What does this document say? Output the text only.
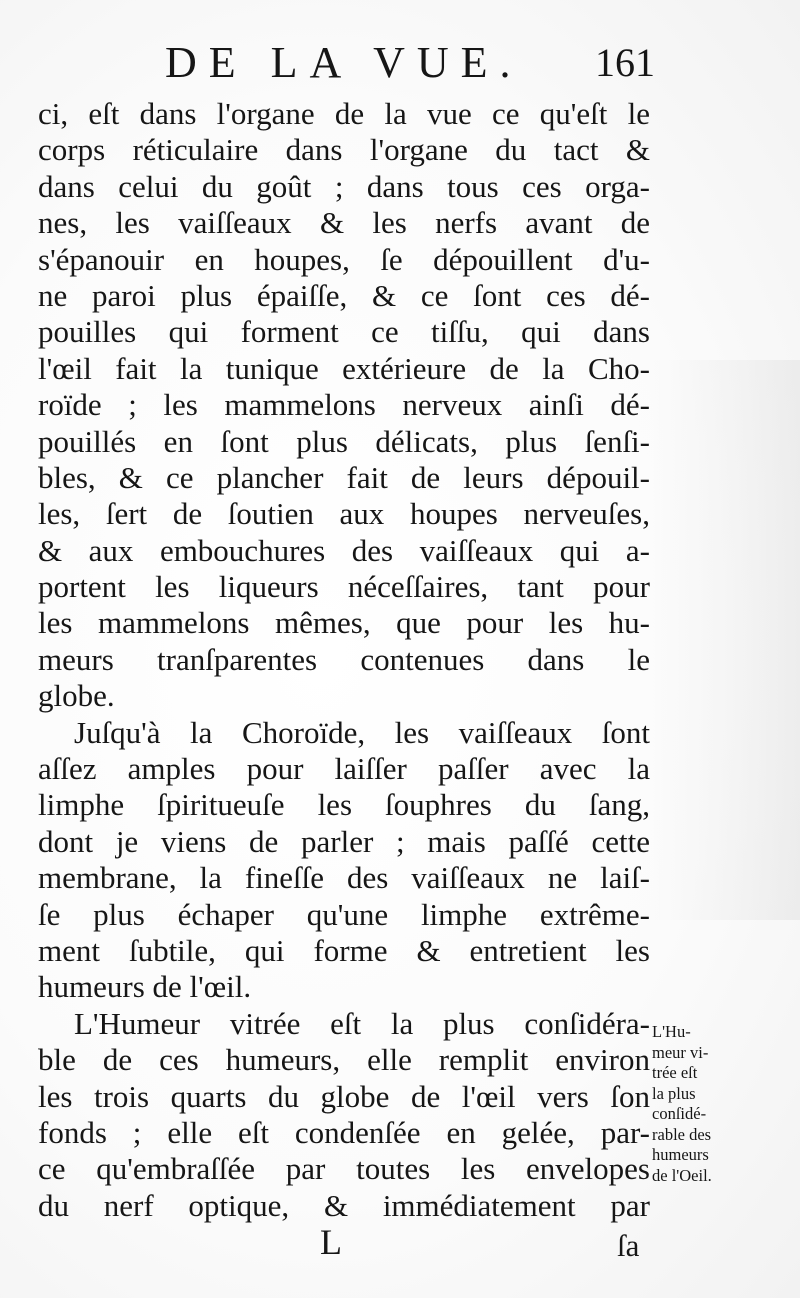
DE LA VUE. 161
ci, eſt dans l'organe de la vue ce qu'eſt le
corps réticulaire dans l'organe du tact &
dans celui du goût ; dans tous ces orga-
nes, les vaiſſeaux & les nerfs avant de
s'épanouir en houpes, ſe dépouillent d'u-
ne paroi plus épaiſſe, & ce ſont ces dé-
pouilles qui forment ce tiſſu, qui dans
l'œil fait la tunique extérieure de la Cho-
roïde ; les mammelons nerveux ainſi dé-
pouillés en ſont plus délicats, plus ſenſi-
bles, & ce plancher fait de leurs dépouil-
les, ſert de ſoutien aux houpes nerveuſes,
& aux embouchures des vaiſſeaux qui a-
portent les liqueurs néceſſaires, tant pour
les mammelons mêmes, que pour les hu-
meurs tranſparentes contenues dans le
globe.
Juſqu'à la Choroïde, les vaiſſeaux ſont
aſſez amples pour laiſſer paſſer avec la
limphe ſpiritueuſe les ſouphres du ſang,
dont je viens de parler ; mais paſſé cette
membrane, la fineſſe des vaiſſeaux ne laiſ-
ſe plus échaper qu'une limphe extrême-
ment ſubtile, qui forme & entretient les
humeurs de l'œil.
L'Humeur vitrée eſt la plus conſidéra-
ble de ces humeurs, elle remplit environ
les trois quarts du globe de l'œil vers ſon
fonds ; elle eſt condenſée en gelée, par-
ce qu'embraſſée par toutes les envelopes
du nerf optique, & immédiatement par
L'Hu-
meur vi-
trée eſt
la plus
conſidé-
rable des
humeurs
de l'Oeil.
L	ſa
